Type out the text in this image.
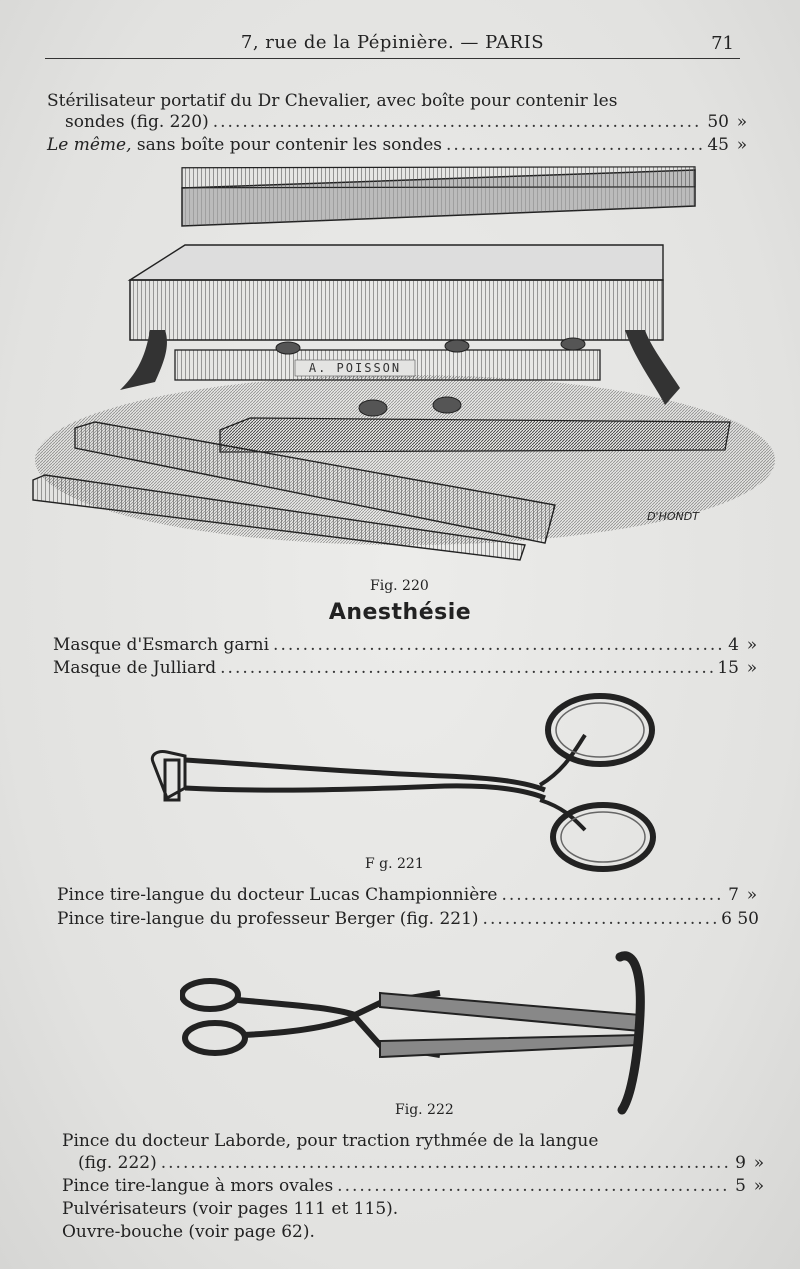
7, rue de la Pépinière. — PARIS	71
Stérilisateur portatif du Dr Chevalier, avec boîte pour contenir les
sondes (fig. 220) .....	50 »
Le même, sans boîte pour contenir les sondes .....	45 »
A. POISSON
D'HONDT
Fig. 220
Anesthésie
Masque d'Esmarch garni .....	4 »
Masque de Julliard .....	15 »
F g. 221
Pince tire-langue du docteur Lucas Championnière .....	7 »
Pince tire-langue du professeur Berger (fig. 221) .....	6 50
Fig. 222
Pince du docteur Laborde, pour traction rythmée de la langue
(fig. 222) .....	9 »
Pince tire-langue à mors ovales .....	5 »
Pulvérisateurs (voir pages 111 et 115).
Ouvre-bouche (voir page 62).
